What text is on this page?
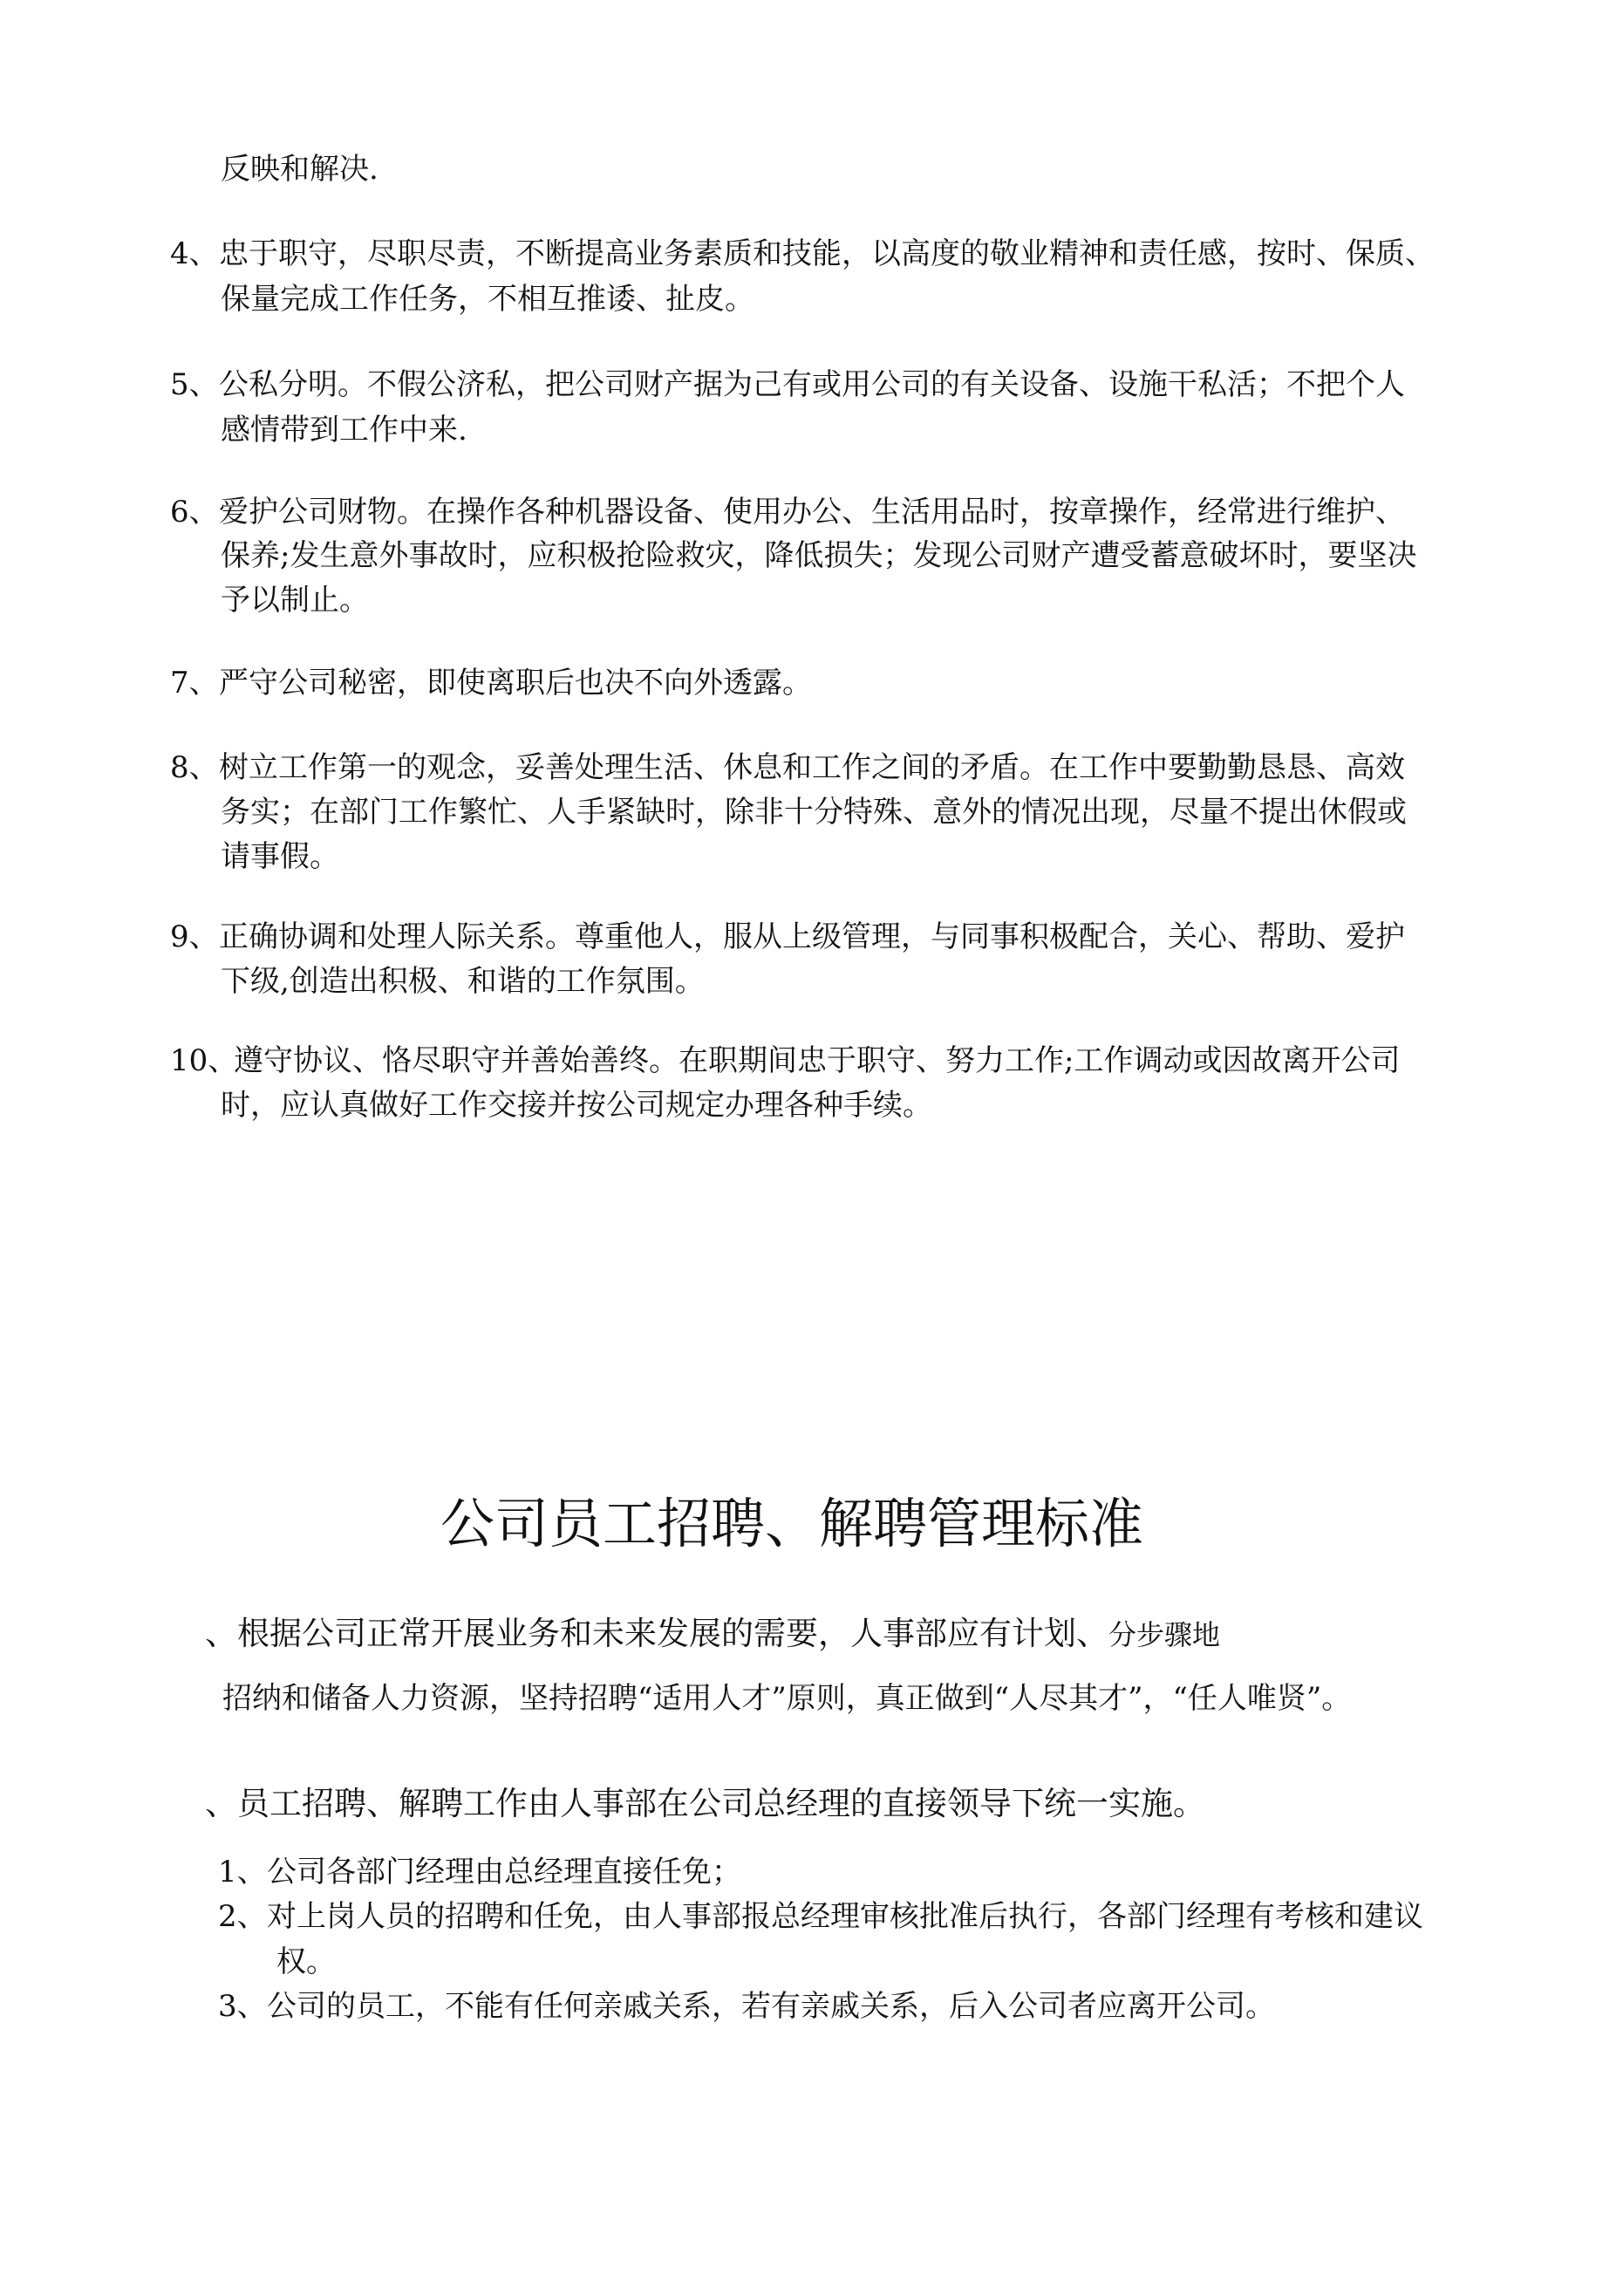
反映和解决.
4、 忠于职守，尽职尽责，不断提高业务素质和技能，以高度的敬业精神和责任感，按时、保质、
保量完成工作任务，不相互推诿、扯皮。
5、 公私分明。不假公济私，把公司财产据为己有或用公司的有关设备、设施干私活；不把个人
感情带到工作中来.
6、 爱护公司财物。在操作各种机器设备、使用办公、生活用品时，按章操作，经常进行维护、
保养;发生意外事故时，应积极抢险救灾，降低损失；发现公司财产遭受蓄意破坏时，要坚决
予以制止。
7、 严守公司秘密，即使离职后也决不向外透露。
8、 树立工作第一的观念，妥善处理生活、休息和工作之间的矛盾。在工作中要勤勤恳恳、高效
务实；在部门工作繁忙、人手紧缺时，除非十分特殊、意外的情况出现，尽量不提出休假或
请事假。
9、 正确协调和处理人际关系。尊重他人，服从上级管理，与同事积极配合，关心、帮助、爱护
下级,创造出积极、和谐的工作氛围。
10、
遵守协议、恪尽职守并善始善终。在职期间忠于职守、努力工作;工作调动或因故离开公司
时，应认真做好工作交接并按公司规定办理各种手续。
公司员工招聘、解聘管理标准
、根据公司正常开展业务和未来发展的需要，人事部应有计划、分步骤地
招纳和储备人力资源，坚持招聘“适用人才”原则，真正做到“人尽其才”，“任人唯贤”。
、员工招聘、解聘工作由人事部在公司总经理的直接领导下统一实施。
1、 公司各部门经理由总经理直接任免；
2、 对上岗人员的招聘和任免，由人事部报总经理审核批准后执行，各部门经理有考核和建议
权。
3、 公司的员工，不能有任何亲戚关系，若有亲戚关系，后入公司者应离开公司。
